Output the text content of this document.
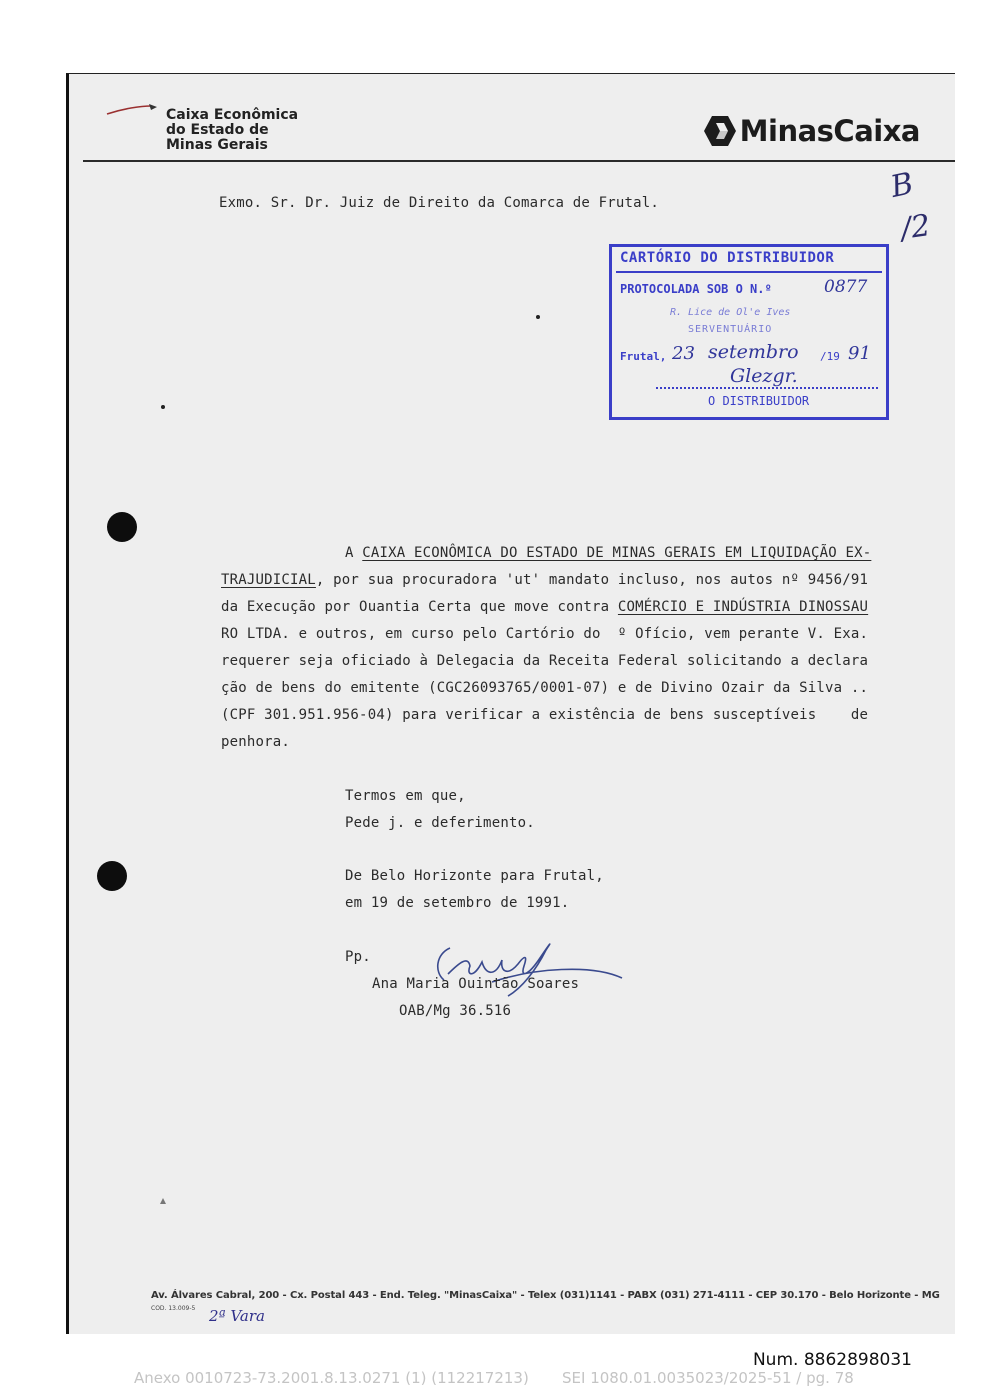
Caixa Econômica
do Estado de
Minas Gerais	MinasCaixa
Exmo. Sr. Dr. Juiz de Direito da Comarca de Frutal.	B
/2
CARTÓRIO DO DISTRIBUIDOR
PROTOCOLADA SOB O N.º	0877
R. Lice de Ol'e Ives
SERVENTUÁRIO
Frutal, 23 setembro /19 91
Glezgr.
O DISTRIBUIDOR
A CAIXA ECONÔMICA DO ESTADO DE MINAS GERAIS EM LIQUIDAÇÃO EX-
TRAJUDICIAL, por sua procuradora 'ut' mandato incluso, nos autos nº 9456/91
da Execução por Ouantia Certa que move contra COMÉRCIO E INDÚSTRIA DINOSSAU
RO LTDA. e outros, em curso pelo Cartório do  º Ofício, vem perante V. Exa.
requerer seja oficiado à Delegacia da Receita Federal solicitando a declara
ção de bens do emitente (CGC26093765/0001-07) e de Divino Ozair da Silva ..
(CPF 301.951.956-04) para verificar a existência de bens susceptíveis    de
penhora.
Termos em que,
Pede j. e deferimento.
De Belo Horizonte para Frutal,
em 19 de setembro de 1991.
Pp.
Ana Maria Ouintão Soares
OAB/Mg 36.516
Av. Álvares Cabral, 200 - Cx. Postal 443 - End. Teleg. "MinasCaixa" - Telex (031)1141 - PABX (031) 271-4111 - CEP 30.170 - Belo Horizonte - MG
COD. 13.009-5 2ª Vara
Num. 8862898031
Anexo 0010723-73.2001.8.13.0271 (1) (112217213) SEI 1080.01.0035023/2025-51 / pg. 78
